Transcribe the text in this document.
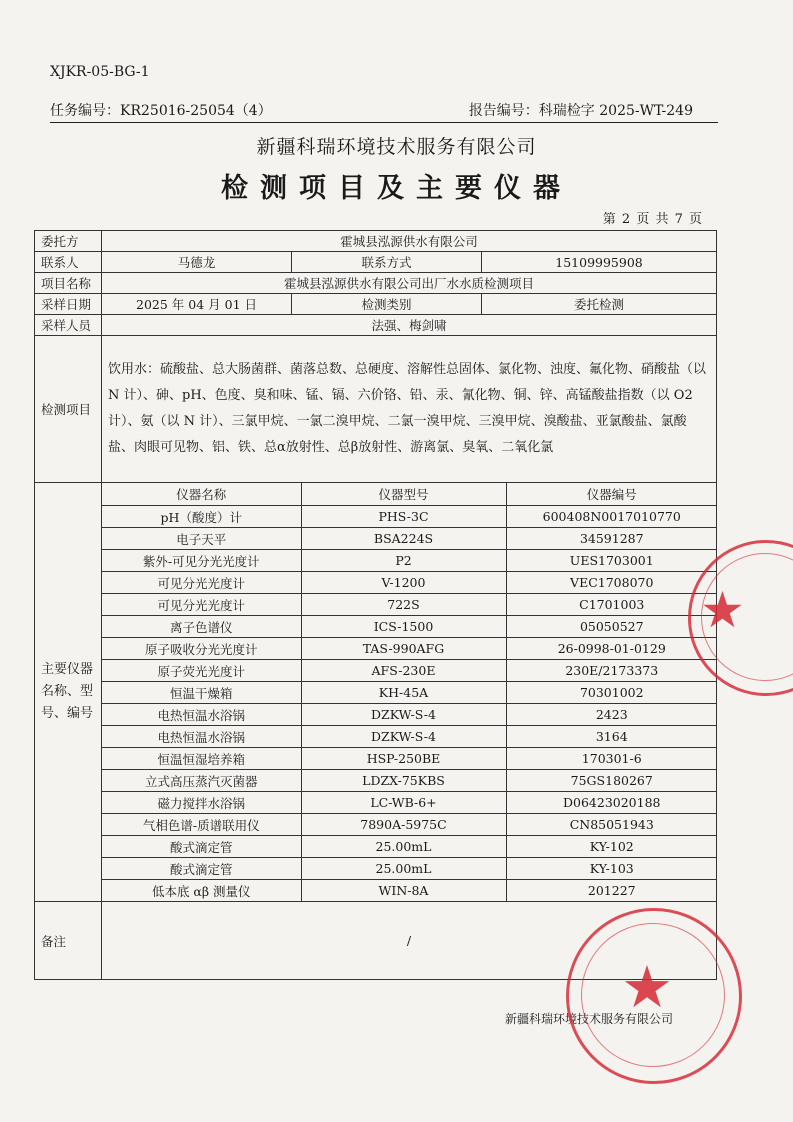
XJKR-05-BG-1
任务编号：KR25016-25054（4）	报告编号：科瑞检字 2025-WT-249
新疆科瑞环境技术服务有限公司
检测项目及主要仪器
第 2 页 共 7 页
委托方	霍城县泓源供水有限公司
联系人	马德龙	联系方式	15109995908
项目名称	霍城县泓源供水有限公司出厂水水质检测项目
采样日期	2025 年 04 月 01 日	检测类别	委托检测
采样人员	法强、梅剑啸
检测项目	饮用水：硫酸盐、总大肠菌群、菌落总数、总硬度、溶解性总固体、氯化物、浊度、氟化物、硝酸盐（以 N 计）、砷、pH、色度、臭和味、锰、镉、六价铬、铅、汞、氰化物、铜、锌、高锰酸盐指数（以 O2 计）、氨（以 N 计）、三氯甲烷、一氯二溴甲烷、二氯一溴甲烷、三溴甲烷、溴酸盐、亚氯酸盐、氯酸盐、肉眼可见物、铝、铁、总α放射性、总β放射性、游离氯、臭氧、二氧化氯
主要仪器名称、型号、编号	
仪器名称	仪器型号	仪器编号
pH（酸度）计	PHS-3C	600408N0017010770
电子天平	BSA224S	34591287
紫外-可见分光光度计	P2	UES1703001
可见分光光度计	V-1200	VEC1708070
可见分光光度计	722S	C1701003
离子色谱仪	ICS-1500	05050527
原子吸收分光光度计	TAS-990AFG	26-0998-01-0129
原子荧光光度计	AFS-230E	230E/2173373
恒温干燥箱	KH-45A	70301002
电热恒温水浴锅	DZKW-S-4	2423
电热恒温水浴锅	DZKW-S-4	3164
恒温恒湿培养箱	HSP-250BE	170301-6
立式高压蒸汽灭菌器	LDZX-75KBS	75GS180267
磁力搅拌水浴锅	LC-WB-6+	D06423020188
气相色谱-质谱联用仪	7890A-5975C	CN85051943
酸式滴定管	25.00mL	KY-102
酸式滴定管	25.00mL	KY-103
低本底 αβ 测量仪	WIN-8A	201227

备注	/
新疆科瑞环境技术服务有限公司
★
★
